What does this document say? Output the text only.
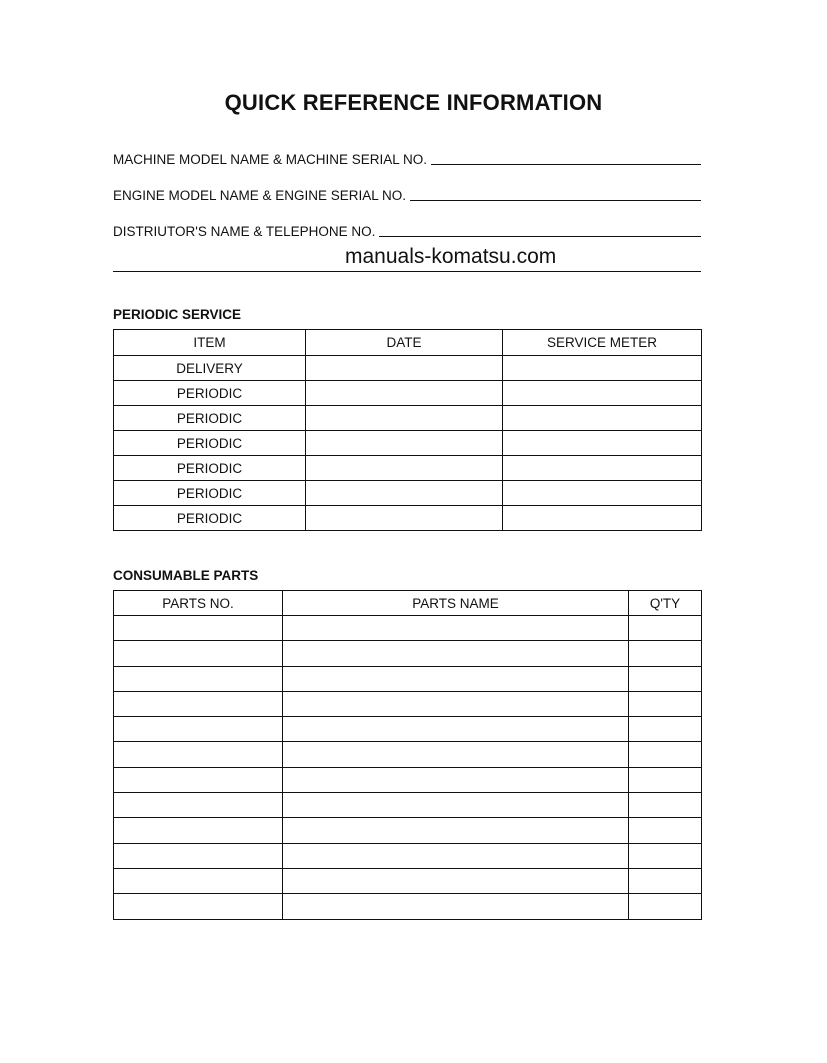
QUICK REFERENCE INFORMATION
MACHINE MODEL NAME & MACHINE SERIAL NO.
ENGINE MODEL NAME & ENGINE SERIAL NO.
DISTRIUTOR'S NAME & TELEPHONE NO.
manuals-komatsu.com
PERIODIC SERVICE
ITEM	DATE	SERVICE METER
DELIVERY		
PERIODIC		
PERIODIC		
PERIODIC		
PERIODIC		
PERIODIC		
PERIODIC		
CONSUMABLE PARTS
PARTS NO.	PARTS NAME	Q'TY
